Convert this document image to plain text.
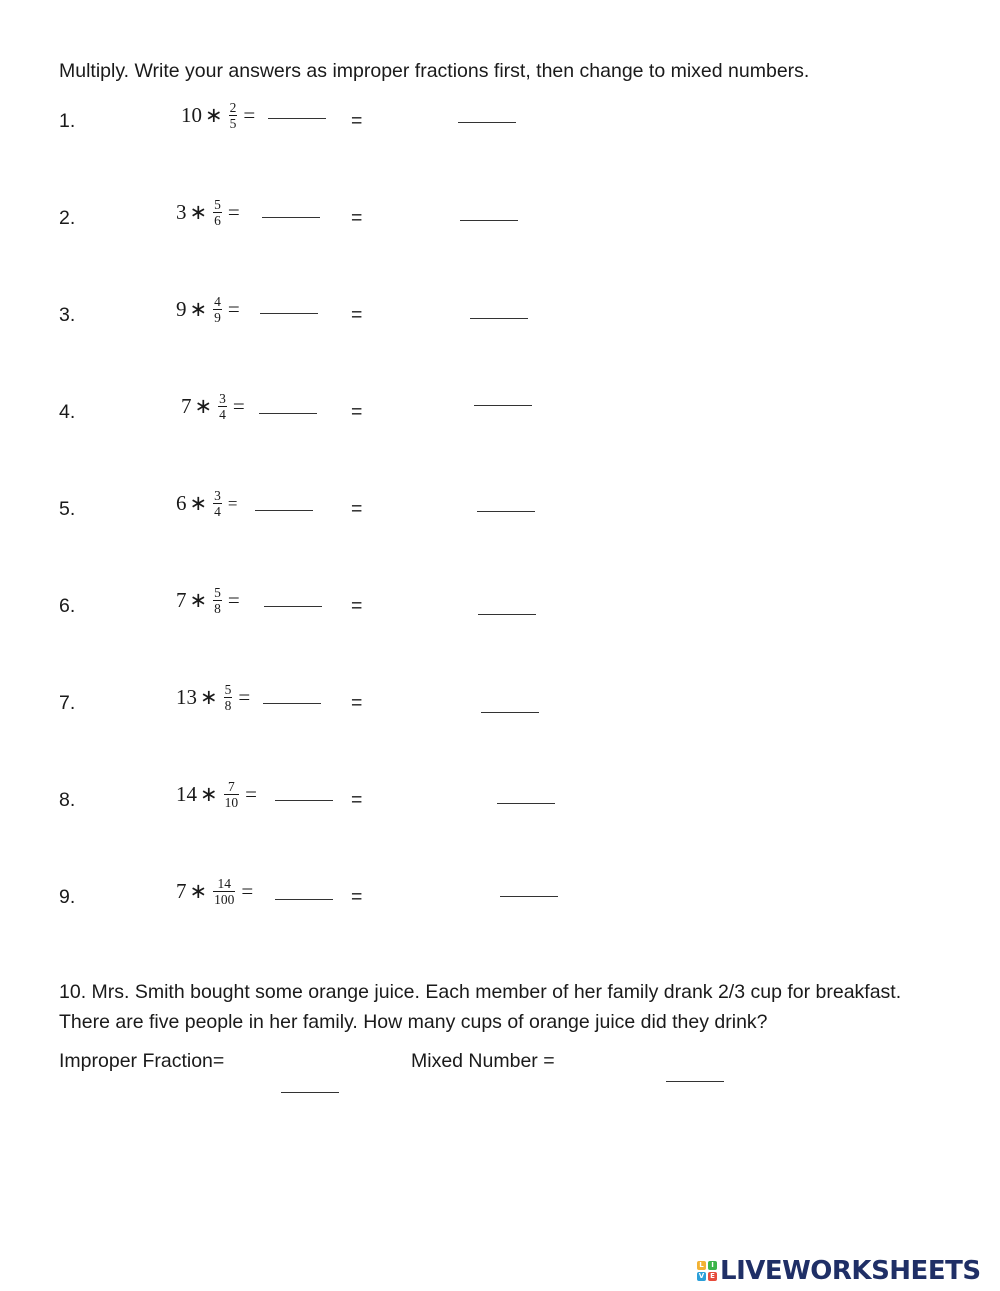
Multiply. Write your answers as improper fractions first, then change to mixed numbers.
1.	10 ∗ $\frac{2}{5}$ =	=
2.	3 ∗ $\frac{5}{6}$ =	=
3.	9 ∗ $\frac{4}{9}$ =	=
4.	7 ∗ $\frac{3}{4}$ =	=
5.	6 ∗ $\frac{3}{4}$ =	=
6.	7 ∗ $\frac{5}{8}$ =	=
7.	13 ∗ $\frac{5}{8}$ =	=
8.	14 ∗ $\frac{7}{10}$ =	=
9.	7 ∗ $\frac{14}{100}$ =	=
10. Mrs. Smith bought some orange juice. Each member of her family drank 2/3 cup for breakfast. There are five people in her family. How many cups of orange juice did they drink?
Improper Fraction=	Mixed Number =
L	I
V E LIVEWORKSHEETS
